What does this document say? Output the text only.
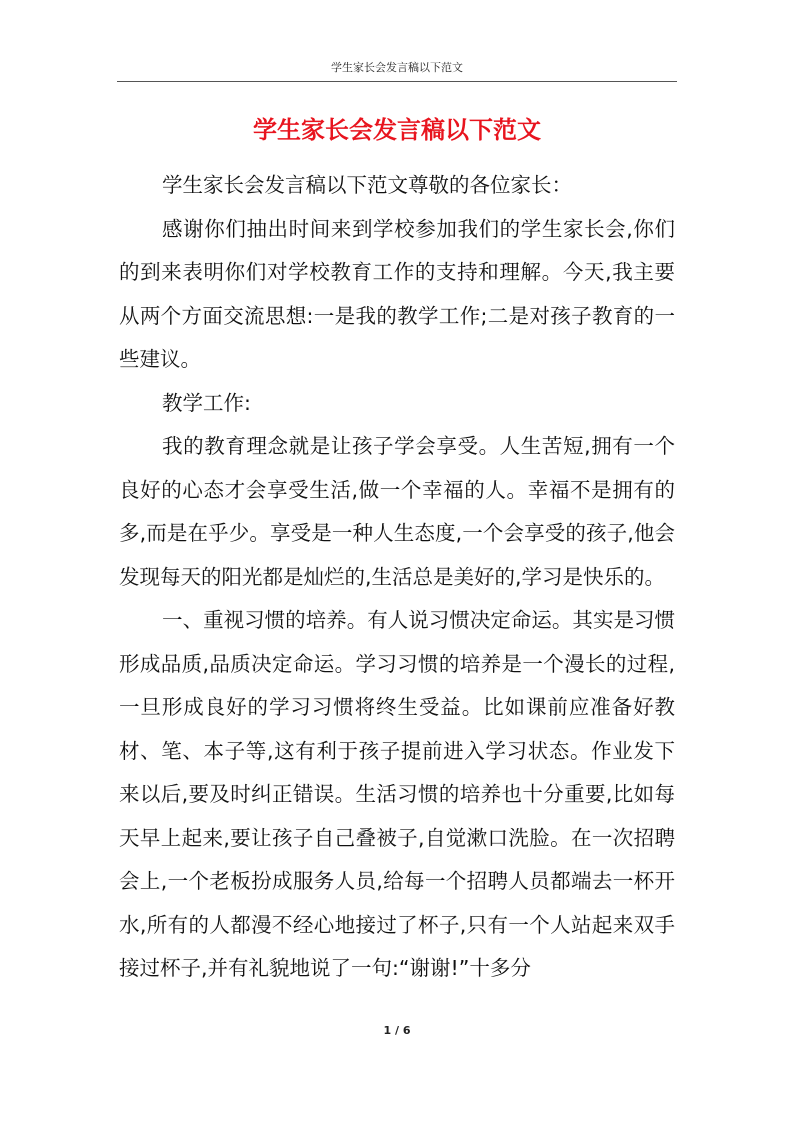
学生家长会发言稿以下范文
学生家长会发言稿以下范文

学生家长会发言稿以下范文尊敬的各位家长：

感谢你们抽出时间来到学校参加我们的学生家长会,你们的到来表明你们对学校教育工作的支持和理解。今天,我主要从两个方面交流思想:一是我的教学工作;二是对孩子教育的一些建议。

教学工作:

我的教育理念就是让孩子学会享受。人生苦短,拥有一个良好的心态才会享受生活,做一个幸福的人。幸福不是拥有的多,而是在乎少。享受是一种人生态度,一个会享受的孩子,他会发现每天的阳光都是灿烂的,生活总是美好的,学习是快乐的。

一、重视习惯的培养。有人说习惯决定命运。其实是习惯形成品质,品质决定命运。学习习惯的培养是一个漫长的过程,一旦形成良好的学习习惯将终生受益。比如课前应准备好教材、笔、本子等,这有利于孩子提前进入学习状态。作业发下来以后,要及时纠正错误。生活习惯的培养也十分重要,比如每天早上起来,要让孩子自己叠被子,自觉漱口洗脸。在一次招聘会上,一个老板扮成服务人员,给每一个招聘人员都端去一杯开水,所有的人都漫不经心地接过了杯子,只有一个人站起来双手接过杯子,并有礼貌地说了一句:“谢谢!”十多分

1 / 6
